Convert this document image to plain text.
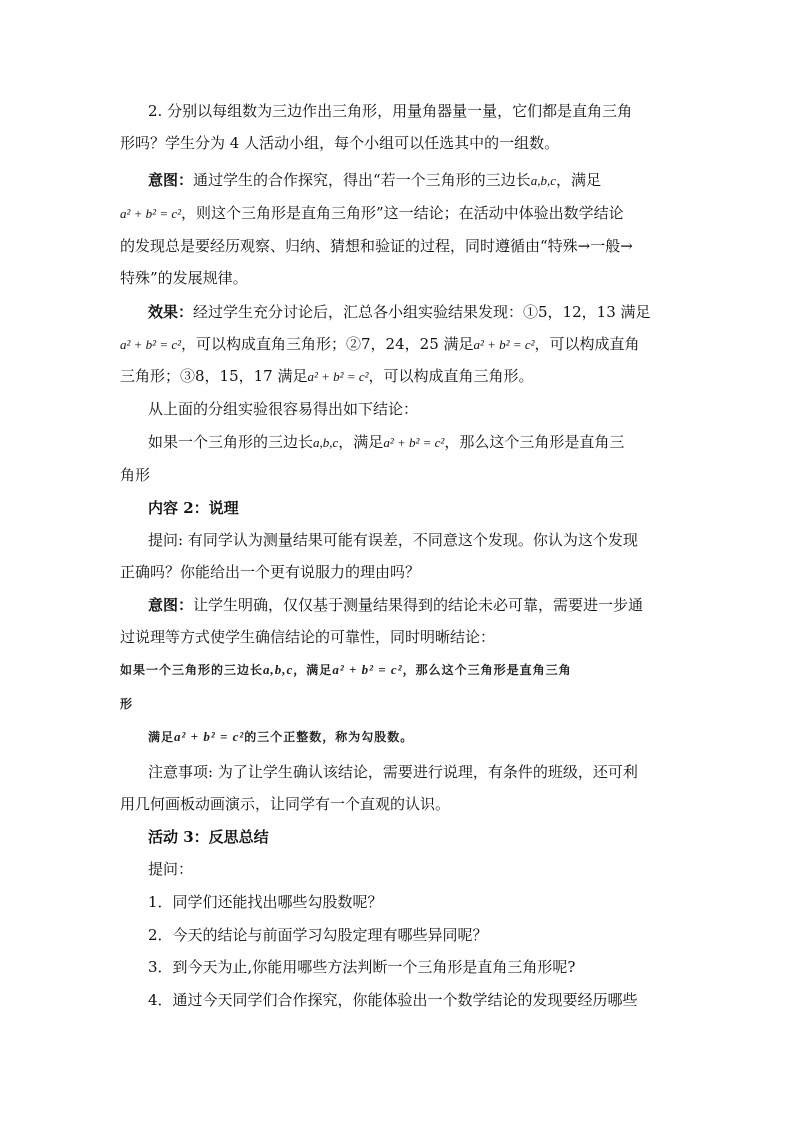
2. 分别以每组数为三边作出三角形，用量角器量一量，它们都是直角三角
形吗？学生分为 4 人活动小组，每个小组可以任选其中的一组数。
意图：通过学生的合作探究，得出“若一个三角形的三边长a,b,c，满足
a² + b² = c²，则这个三角形是直角三角形”这一结论；在活动中体验出数学结论
的发现总是要经历观察、归纳、猜想和验证的过程，同时遵循由“特殊→一般→
特殊”的发展规律。
效果：经过学生充分讨论后，汇总各小组实验结果发现：①5，12，13 满足
a² + b² = c²，可以构成直角三角形；②7，24，25 满足a² + b² = c²，可以构成直角
三角形；③8，15，17 满足a² + b² = c²，可以构成直角三角形。
从上面的分组实验很容易得出如下结论：
如果一个三角形的三边长a,b,c，满足a² + b² = c²，那么这个三角形是直角三
角形
内容 2：说理
提问: 有同学认为测量结果可能有误差，不同意这个发现。你认为这个发现
正确吗？你能给出一个更有说服力的理由吗？
意图：让学生明确，仅仅基于测量结果得到的结论未必可靠，需要进一步通
过说理等方式使学生确信结论的可靠性，同时明晰结论：
如果一个三角形的三边长a,b,c，满足a² + b² = c²，那么这个三角形是直角三角
形
满足a² + b² = c²的三个正整数，称为勾股数。
注意事项: 为了让学生确认该结论，需要进行说理，有条件的班级，还可利
用几何画板动画演示，让同学有一个直观的认识。
活动 3：反思总结
提问：
1．同学们还能找出哪些勾股数呢？
2．今天的结论与前面学习勾股定理有哪些异同呢？
3．到今天为止,你能用哪些方法判断一个三角形是直角三角形呢?
4．通过今天同学们合作探究，你能体验出一个数学结论的发现要经历哪些
